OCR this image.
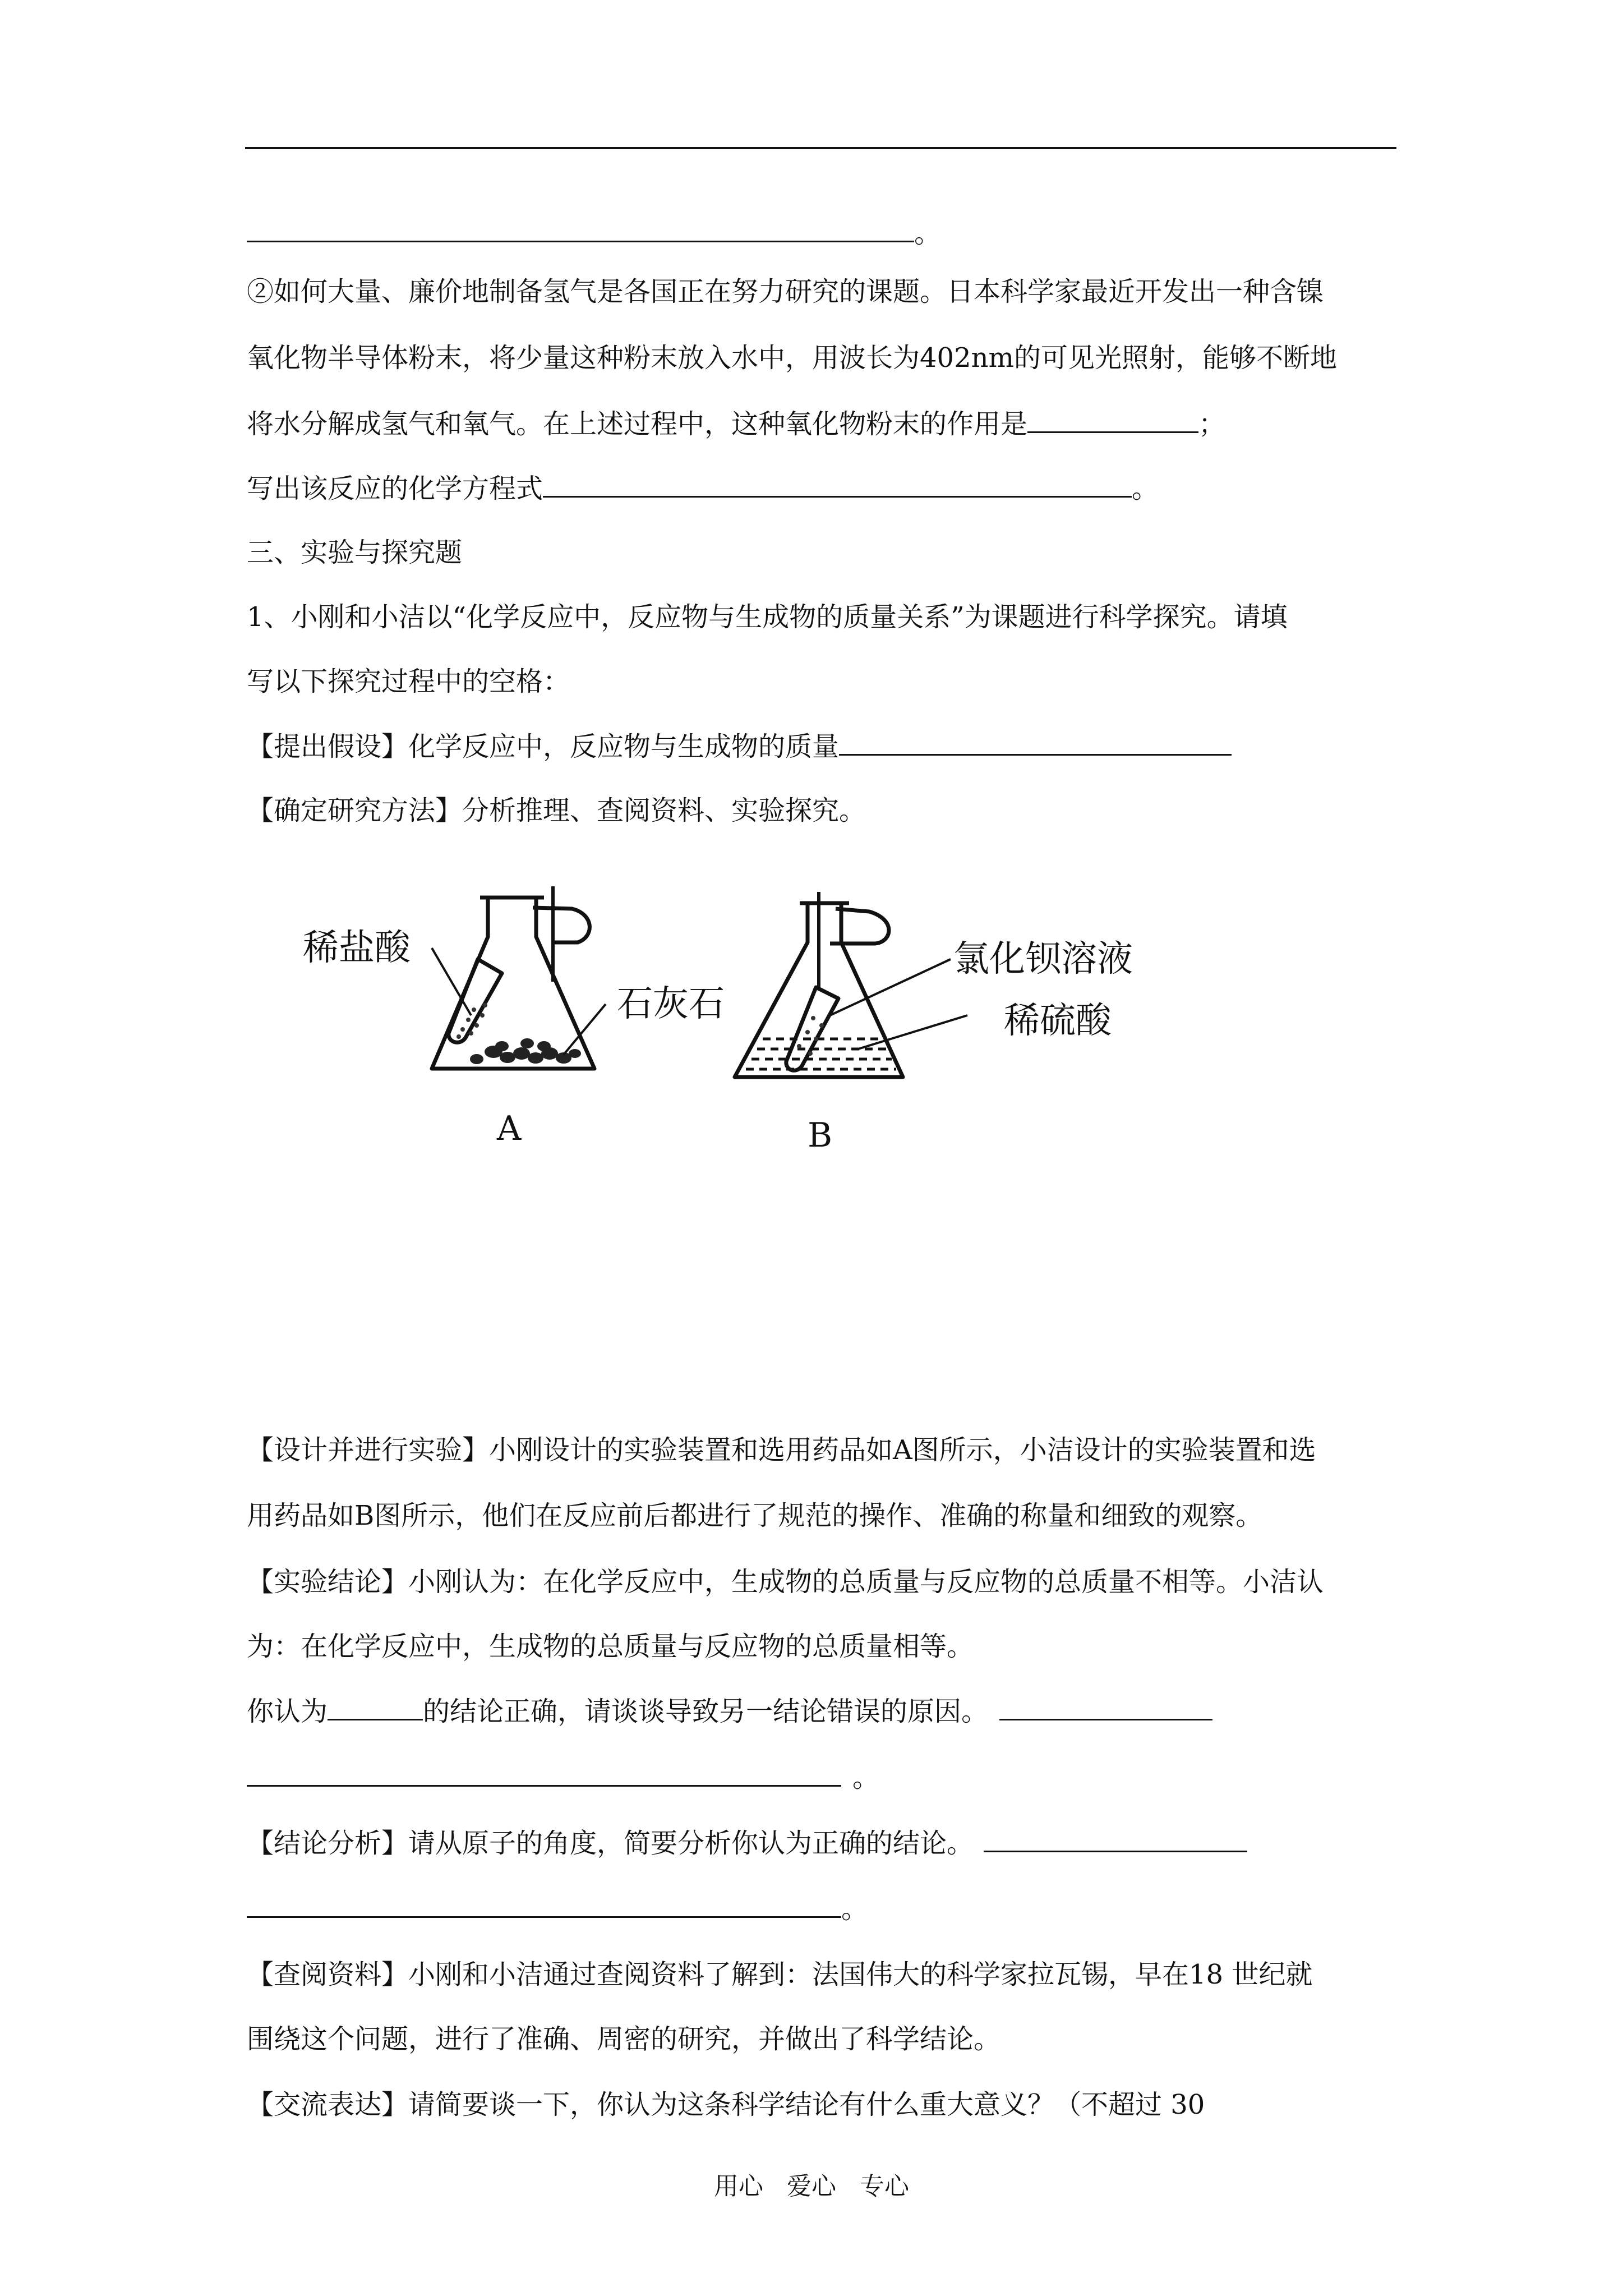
。
②如何大量、廉价地制备氢气是各国正在努力研究的课题。日本科学家最近开发出一种含镍
氧化物半导体粉末，将少量这种粉末放入水中，用波长为402nm的可见光照射，能够不断地
将水分解成氢气和氧气。在上述过程中，这种氧化物粉末的作用是	；
写出该反应的化学方程式	。
三、实验与探究题
1、小刚和小洁以“化学反应中，反应物与生成物的质量关系”为课题进行科学探究。请填
写以下探究过程中的空格：
【提出假设】化学反应中，反应物与生成物的质量
【确定研究方法】分析推理、查阅资料、实验探究。
稀盐酸
石灰石
氯化钡溶液
稀硫酸
A	B
【设计并进行实验】小刚设计的实验装置和选用药品如A图所示，小洁设计的实验装置和选
用药品如B图所示，他们在反应前后都进行了规范的操作、准确的称量和细致的观察。
【实验结论】小刚认为：在化学反应中，生成物的总质量与反应物的总质量不相等。小洁认
为：在化学反应中，生成物的总质量与反应物的总质量相等。
你认为	的结论正确，请谈谈导致另一结论错误的原因。
。
【结论分析】请从原子的角度，简要分析你认为正确的结论。
。
【查阅资料】小刚和小洁通过查阅资料了解到：法国伟大的科学家拉瓦锡，早在18 世纪就
围绕这个问题，进行了准确、周密的研究，并做出了科学结论。
【交流表达】请简要谈一下，你认为这条科学结论有什么重大意义？（不超过 30
用心   爱心   专心
